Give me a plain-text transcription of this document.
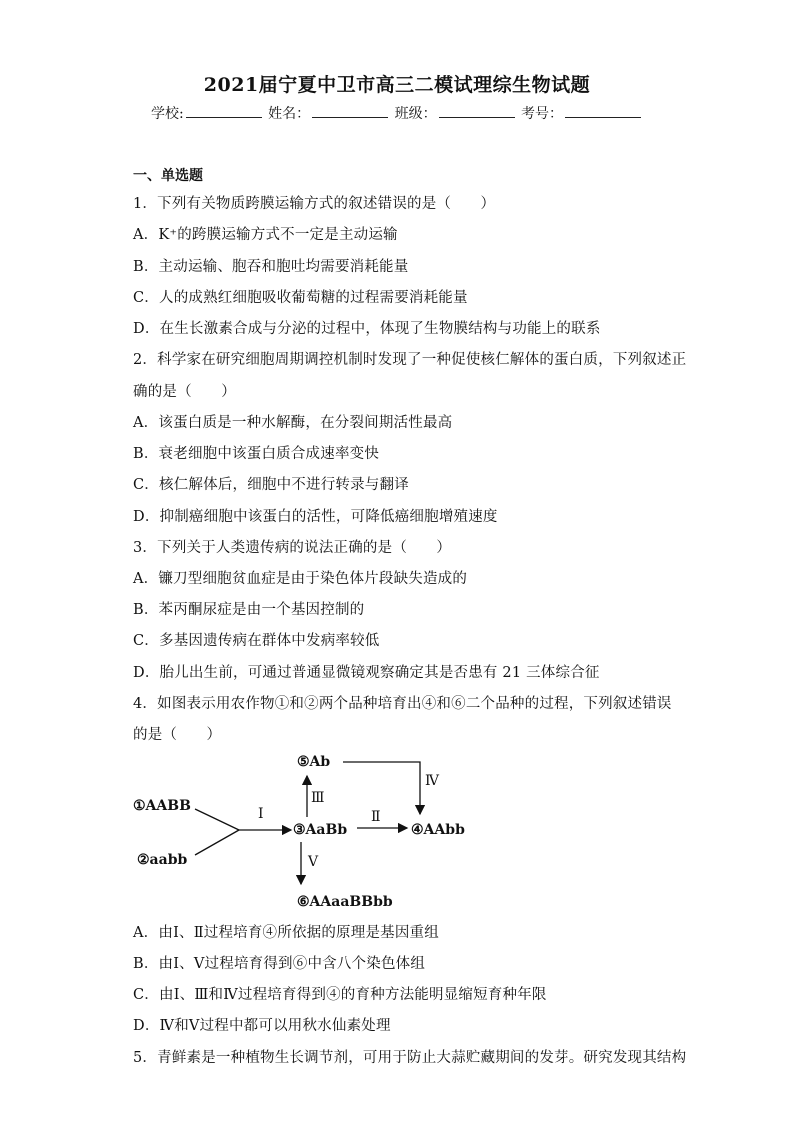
2021届宁夏中卫市高三二模试理综生物试题
学校:	姓名：	班级：	考号：
一、单选题
1．下列有关物质跨膜运输方式的叙述错误的是（　　）
A．K⁺的跨膜运输方式不一定是主动运输
B．主动运输、胞吞和胞吐均需要消耗能量
C．人的成熟红细胞吸收葡萄糖的过程需要消耗能量
D．在生长激素合成与分泌的过程中，体现了生物膜结构与功能上的联系
2．科学家在研究细胞周期调控机制时发现了一种促使核仁解体的蛋白质，下列叙述正
确的是（　　）
A．该蛋白质是一种水解酶，在分裂间期活性最高
B．衰老细胞中该蛋白质合成速率变快
C．核仁解体后，细胞中不进行转录与翻译
D．抑制癌细胞中该蛋白的活性，可降低癌细胞增殖速度
3．下列关于人类遗传病的说法正确的是（　　）
A．镰刀型细胞贫血症是由于染色体片段缺失造成的
B．苯丙酮尿症是由一个基因控制的
C．多基因遗传病在群体中发病率较低
D．胎儿出生前，可通过普通显微镜观察确定其是否患有 21 三体综合征
4．如图表示用农作物①和②两个品种培育出④和⑥二个品种的过程，下列叙述错误
的是（　　）
⑤Ab
①AABB
②aabb
③AaBb	④AAbb
⑥AAaaBBbb
Ⅰ	Ⅱ
Ⅲ
Ⅳ
Ⅴ
A．由Ⅰ、Ⅱ过程培育④所依据的原理是基因重组
B．由Ⅰ、Ⅴ过程培育得到⑥中含八个染色体组
C．由Ⅰ、Ⅲ和Ⅳ过程培育得到④的育种方法能明显缩短育种年限
D．Ⅳ和Ⅴ过程中都可以用秋水仙素处理
5．青鲜素是一种植物生长调节剂，可用于防止大蒜贮藏期间的发芽。研究发现其结构
